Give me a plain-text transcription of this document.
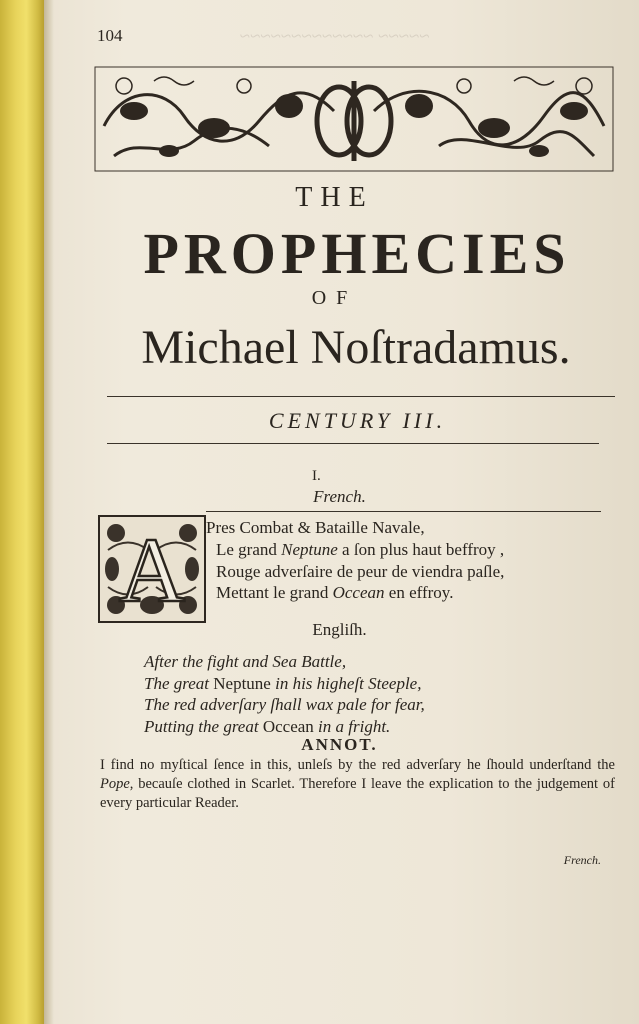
​~~~~~ ~~~~~~~~~~~~~
104
THE
PROPHECIES
OF
Michael Noſtradamus.
CENTURY III.
I.
French.
A Pres Combat & Bataille Navale,
Le grand Neptune a ſon plus haut beffroy ,
Rouge adverſaire de peur de viendra paſle,
Mettant le grand Occean en effroy.
Engliſh.
After the fight and Sea Battle,
The great Neptune in his higheſt Steeple,
The red adverſary ſhall wax pale for fear,
Putting the great Occean in a fright.
ANNOT.
I find no myſtical ſence in this, unleſs by the red adverſary he ſhould underſtand the Pope, becauſe clothed in Scarlet. Therefore I leave the explication to the judgement of every particular Reader.
French.
